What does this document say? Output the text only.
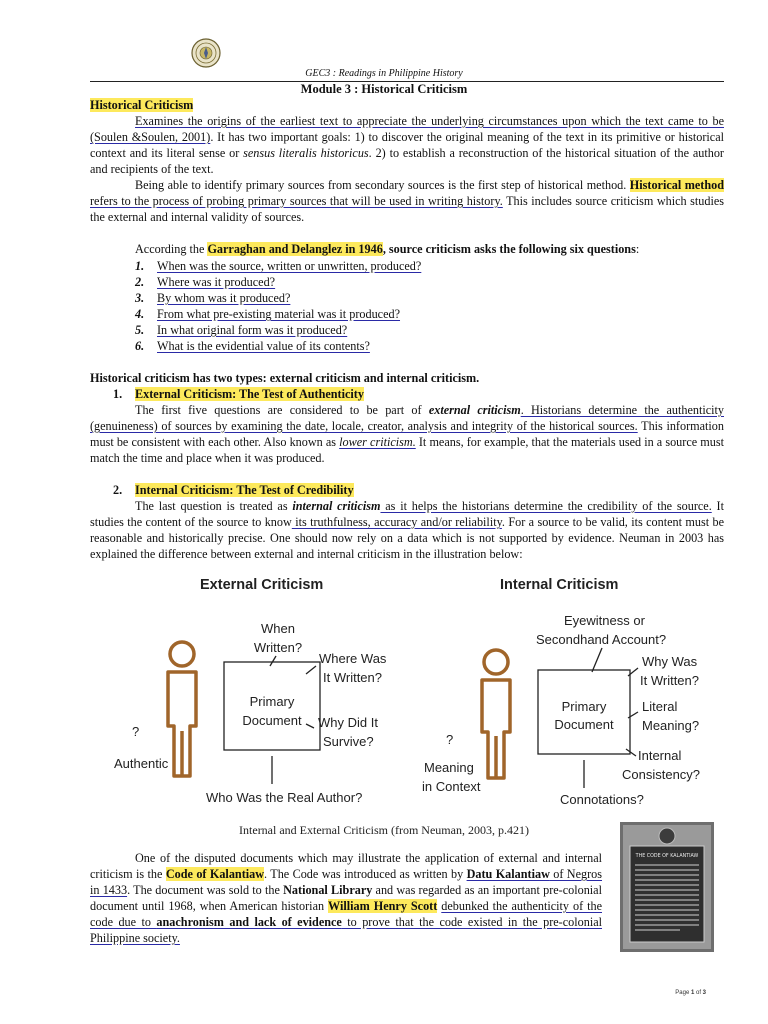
GEC3 : Readings in Philippine History
Module 3 : Historical Criticism
Historical Criticism
Examines the origins of the earliest text to appreciate the underlying circumstances upon which the text came to be (Soulen &Soulen, 2001). It has two important goals: 1) to discover the original meaning of the text in its primitive or historical context and its literal sense or sensus literalis historicus. 2) to establish a reconstruction of the historical situation of the author and recipients of the text.
Being able to identify primary sources from secondary sources is the first step of historical method. Historical method refers to the process of probing primary sources that will be used in writing history. This includes source criticism which studies the external and internal validity of sources.
According the Garraghan and Delanglez in 1946, source criticism asks the following six questions:
1. When was the source, written or unwritten, produced?
2. Where was it produced?
3. By whom was it produced?
4. From what pre-existing material was it produced?
5. In what original form was it produced?
6. What is the evidential value of its contents?
Historical criticism has two types: external criticism and internal criticism.
1. External Criticism: The Test of Authenticity
The first five questions are considered to be part of external criticism. Historians determine the authenticity (genuineness) of sources by examining the date, locale, creator, analysis and integrity of the historical sources. This information must be consistent with each other. Also known as lower criticism. It means, for example, that the materials used in a source must match the time and place when it was produced.
2. Internal Criticism: The Test of Credibility
The last question is treated as internal criticism as it helps the historians determine the credibility of the source. It studies the content of the source to know its truthfulness, accuracy and/or reliability. For a source to be valid, its content must be reasonable and historically precise. One should now rely on a data which is not supported by evidence. Neuman in 2003 has explained the difference between external and internal criticism in the illustration below:
External Criticism
Primary
Document
?
Authentic
When
Written?
Where Was
It Written?
Why Did It
Survive?
Who Was the Real Author?
Internal Criticism
Primary
Document
?
Meaning
in Context
Eyewitness or
Secondhand Account?
Why Was
It Written?
Literal
Meaning?
Internal
Consistency?
Connotations?
Internal and External Criticism (from Neuman, 2003, p.421)
One of the disputed documents which may illustrate the application of external and internal criticism is the Code of Kalantiaw. The Code was introduced as written by Datu Kalantiaw of Negros in 1433. The document was sold to the National Library and was regarded as an important pre-colonial document until 1968, when American historian William Henry Scott debunked the authenticity of the code due to anachronism and lack of evidence to prove that the code existed in the pre-colonial Philippine society.
THE CODE OF KALANTIAW
Page 1 of 3
